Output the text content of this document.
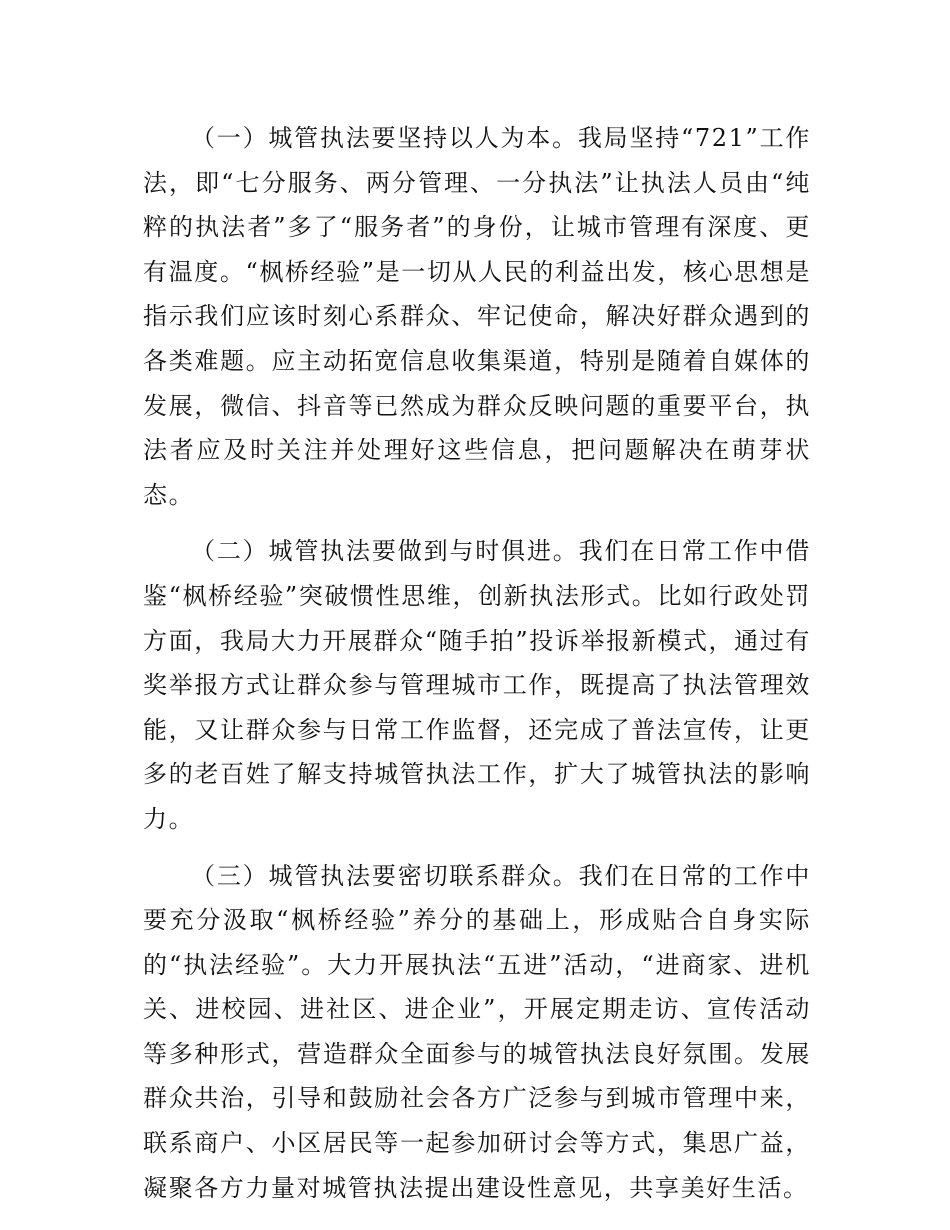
（一）城管执法要坚持以人为本。我局坚持“721”工作法，即“七分服务、两分管理、一分执法”让执法人员由“纯粹的执法者”多了“服务者”的身份，让城市管理有深度、更有温度。“枫桥经验”是一切从人民的利益出发，核心思想是指示我们应该时刻心系群众、牢记使命，解决好群众遇到的各类难题。应主动拓宽信息收集渠道，特别是随着自媒体的发展，微信、抖音等已然成为群众反映问题的重要平台，执法者应及时关注并处理好这些信息，把问题解决在萌芽状态。

（二）城管执法要做到与时俱进。我们在日常工作中借鉴“枫桥经验”突破惯性思维，创新执法形式。比如行政处罚方面，我局大力开展群众“随手拍”投诉举报新模式，通过有奖举报方式让群众参与管理城市工作，既提高了执法管理效能，又让群众参与日常工作监督，还完成了普法宣传，让更多的老百姓了解支持城管执法工作，扩大了城管执法的影响力。

（三）城管执法要密切联系群众。我们在日常的工作中要充分汲取“枫桥经验”养分的基础上，形成贴合自身实际的“执法经验”。大力开展执法“五进”活动，“进商家、进机关、进校园、进社区、进企业”，开展定期走访、宣传活动等多种形式，营造群众全面参与的城管执法良好氛围。发展群众共治，引导和鼓励社会各方广泛参与到城市管理中来，联系商户、小区居民等一起参加研讨会等方式，集思广益，凝聚各方力量对城管执法提出建设性意见，共享美好生活。
